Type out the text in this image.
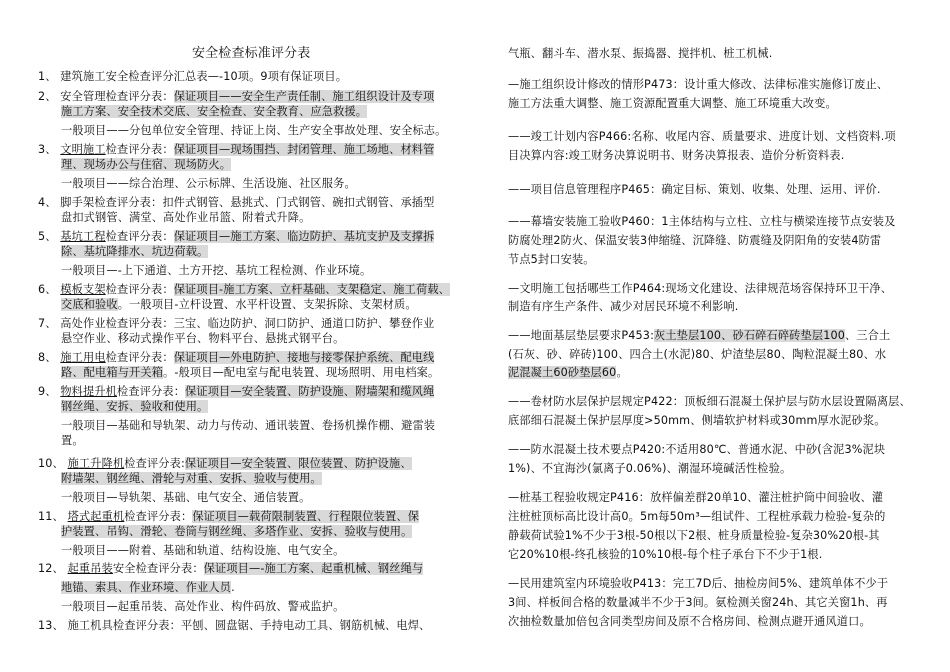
安全检查标准评分表
1、 建筑施工安全检查评分汇总表—-10项。9项有保证项目。
2、 安全管理检查评分表：保证项目——安全生产责任制、施工组织设计及专项
施工方案、安全技术交底、安全检查、安全教育、应急救援。
一般项目——分包单位安全管理、持证上岗、生产安全事故处理、安全标志。
3、 文明施工检查评分表：保证项目—现场围挡、封闭管理、施工场地、材料管
理、现场办公与住宿、现场防火。
一般项目——综合治理、公示标牌、生活设施、社区服务。
4、 脚手架检查评分表：扣件式钢管、悬挑式、门式钢管、碗扣式钢管、承插型
盘扣式钢管、满堂、高处作业吊篮、附着式升降。
5、 基坑工程检查评分表：保证项目—施工方案、临边防护、基坑支护及支撑拆
除、基坑降排水、坑边荷载。
一般项目—-上下通道、土方开挖、基坑工程检测、作业环境。
6、 模板支架检查评分表：保证项目-施工方案、立杆基础、支架稳定、施工荷载、
交底和验收。一般项目-立杆设置、水平杆设置、支架拆除、支架材质。
7、 高处作业检查评分表：三宝、临边防护、洞口防护、通道口防护、攀登作业
悬空作业、移动式操作平台、物料平台、悬挑式钢平台。
8、 施工用电检查评分表：保证项目—外电防护、接地与接零保护系统、配电线
路、配电箱与开关箱。-般项目—配电室与配电装置、现场照明、用电档案。
9、 物料提升机检查评分表：保证项目—安全装置、防护设施、附墙架和缆风绳
钢丝绳、安拆、验收和使用。
一般项目—基础和导轨架、动力与传动、通讯装置、卷扬机操作棚、避雷装
置。
10、 施工升降机检查评分表:保证项目—安全装置、限位装置、防护设施、
附墙架、钢丝绳、滑轮与对重、安拆、验收与使用。
一般项目—导轨架、基础、电气安全、通信装置。
11、 塔式起重机检查评分表：保证项目—载荷限制装置、行程限位装置、保
护装置、吊钩、滑轮、卷筒与钢丝绳、多塔作业、安拆、验收与使用。
一般项目——附着、基础和轨道、结构设施、电气安全。
12、 起重吊装安全检查评分表：保证项目—-施工方案、起重机械、钢丝绳与
地锚、索具、作业环境、作业人员.
一般项目—起重吊装、高处作业、构件码放、警戒监护。
13、 施工机具检查评分表：平刨、圆盘锯、手持电动工具、钢筋机械、电焊、
气瓶、翻斗车、潜水泵、振捣器、搅拌机、桩工机械.
—施工组织设计修改的情形P473：设计重大修改、法律标准实施修订废止、
施工方法重大调整、施工资源配置重大调整、施工环境重大改变。
——竣工计划内容P466:名称、收尾内容、质量要求、进度计划、文档资料.项
目决算内容:竣工财务决算说明书、财务决算报表、造价分析资料表.
——项目信息管理程序P465：确定目标、策划、收集、处理、运用、评价.
——幕墙安装施工验收P460：1主体结构与立柱、立柱与横梁连接节点安装及
防腐处理2防火、保温安装3伸缩缝、沉降缝、防震缝及阴阳角的安装4防雷
节点5封口安装。
—文明施工包括哪些工作P464:现场文化建设、法律规范场容保持环卫干净、
制造有序生产条件、减少对居民环境不利影响.
——地面基层垫层要求P453:灰土垫层100、砂石碎石碎砖垫层100、三合土
(石灰、砂、碎砖)100、四合土(水泥)80、炉渣垫层80、陶粒混凝土80、水
泥混凝土60砂垫层60。
——卷材防水层保护层规定P422：顶板细石混凝土保护层与防水层设置隔离层、
底部细石混凝土保护层厚度>50mm、侧墙软护材料或30mm厚水泥砂浆。
——防水混凝土技术要点P420:不适用80℃、普通水泥、中砂(含泥3%泥块
1%)、不宜海沙(氯离子0.06%)、潮湿环境碱活性检验。
—桩基工程验收规定P416：放样偏差群20单10、灌注桩护筒中间验收、灌
注桩桩顶标高比设计高0。5m每50m³—组试件、工程桩承载力检验-复杂的
静载荷试验1%不少于3根-50根以下2根、桩身质量检验-复杂30%20根-其
它20%10根-终孔核验的10%10根-每个柱子承台下不少于1根.
—民用建筑室内环境验收P413：完工7D后、抽检房间5%、建筑单体不少于
3间、样板间合格的数量减半不少于3间。氨检测关窗24h、其它关窗1h、再
次抽检数量加倍包含同类型房间及原不合格房间、检测点避开通风道口。
